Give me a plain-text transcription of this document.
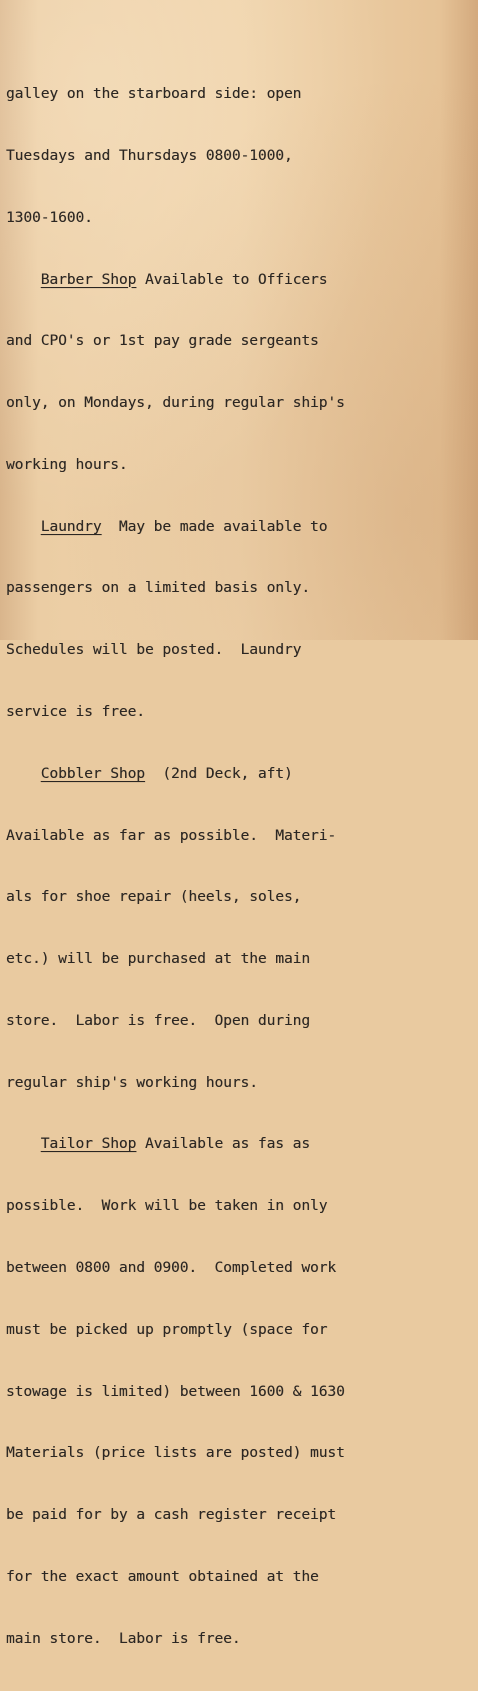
galley on the starboard side: open

Tuesdays and Thursdays 0800-1000,

1300-1600.

Barber Shop Available to Officers

and CPO's or 1st pay grade sergeants

only, on Mondays, during regular ship's

working hours.

Laundry  May be made available to

passengers on a limited basis only.

Schedules will be posted.  Laundry

service is free.

Cobbler Shop  (2nd Deck, aft)

Available as far as possible.  Materi-

als for shoe repair (heels, soles,

etc.) will be purchased at the main

store.  Labor is free.  Open during

regular ship's working hours.

Tailor Shop Available as fas as

possible.  Work will be taken in only

between 0800 and 0900.  Completed work

must be picked up promptly (space for

stowage is limited) between 1600 & 1630

Materials (price lists are posted) must

be paid for by a cash register receipt

for the exact amount obtained at the

main store.  Labor is free.
